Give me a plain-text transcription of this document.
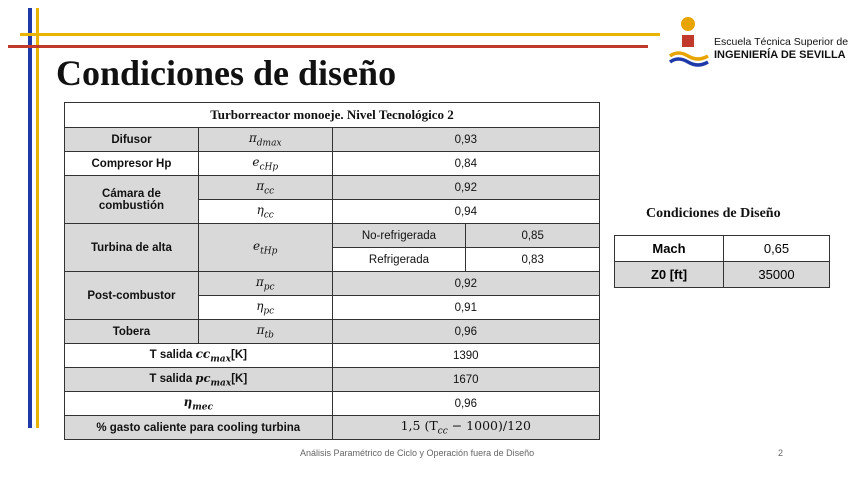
Condiciones de diseño
Escuela Técnica Superior de
INGENIERÍA DE SEVILLA
Turborreactor monoeje. Nivel Tecnológico 2			
Difusor	$\pi_{dmax}$	0,93	
Compresor Hp	$e_{cHp}$	0,84	
Cámara de combustión	$\pi_{cc}$	0,92	
	$\eta_{cc}$	0,94	
Turbina de alta	$e_{tHp}$	No-refrigerada	0,85
		Refrigerada	0,83
Post-combustor	$\pi_{pc}$	0,92	
	$\eta_{pc}$	0,91	
Tobera	$\pi_{tb}$	0,96	
T salida $cc_{max}[K]$		1390	
T salida $pc_{max}[K]$		1670	
$\eta_{mec}$		0,96	
% gasto caliente para cooling turbina		1,5 $(T_{cc} - 1000)/120$	
Condiciones de Diseño
Mach	0,65
Z0 [ft]	35000
Análisis Paramétrico de Ciclo y Operación fuera de Diseño	2
